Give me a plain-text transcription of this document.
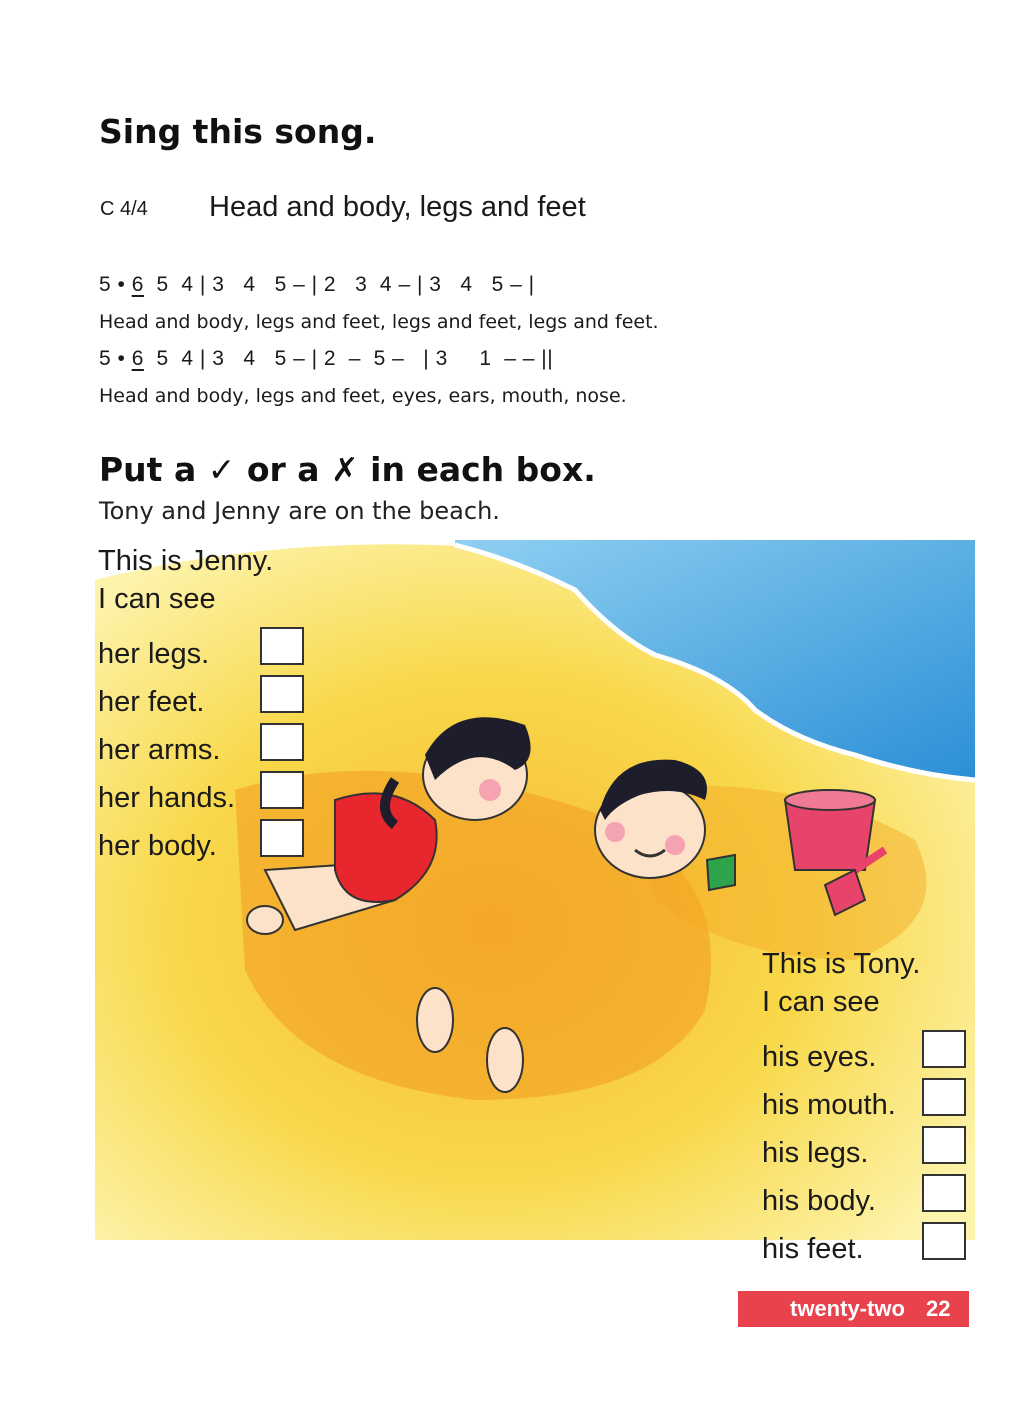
Sing this song.
C 4/4 Head and body, legs and feet
5 • 6  5  4 | 3   4   5 – | 2   3  4 – | 3   4   5 – |
Head and body, legs and feet, legs and feet, legs and feet.
5 • 6  5  4 | 3   4   5 – | 2  –  5 –   | 3     1  – – ||
Head and body, legs and feet, eyes, ears, mouth, nose.
Put a ✓ or a ✗ in each box.
Tony and Jenny are on the beach.
This is Jenny.
I can see
her legs.
her feet.
her arms.
her hands.
her body.
This is Tony.
I can see
his eyes.
his mouth.
his legs.
his body.
his feet.
twenty-two 22
